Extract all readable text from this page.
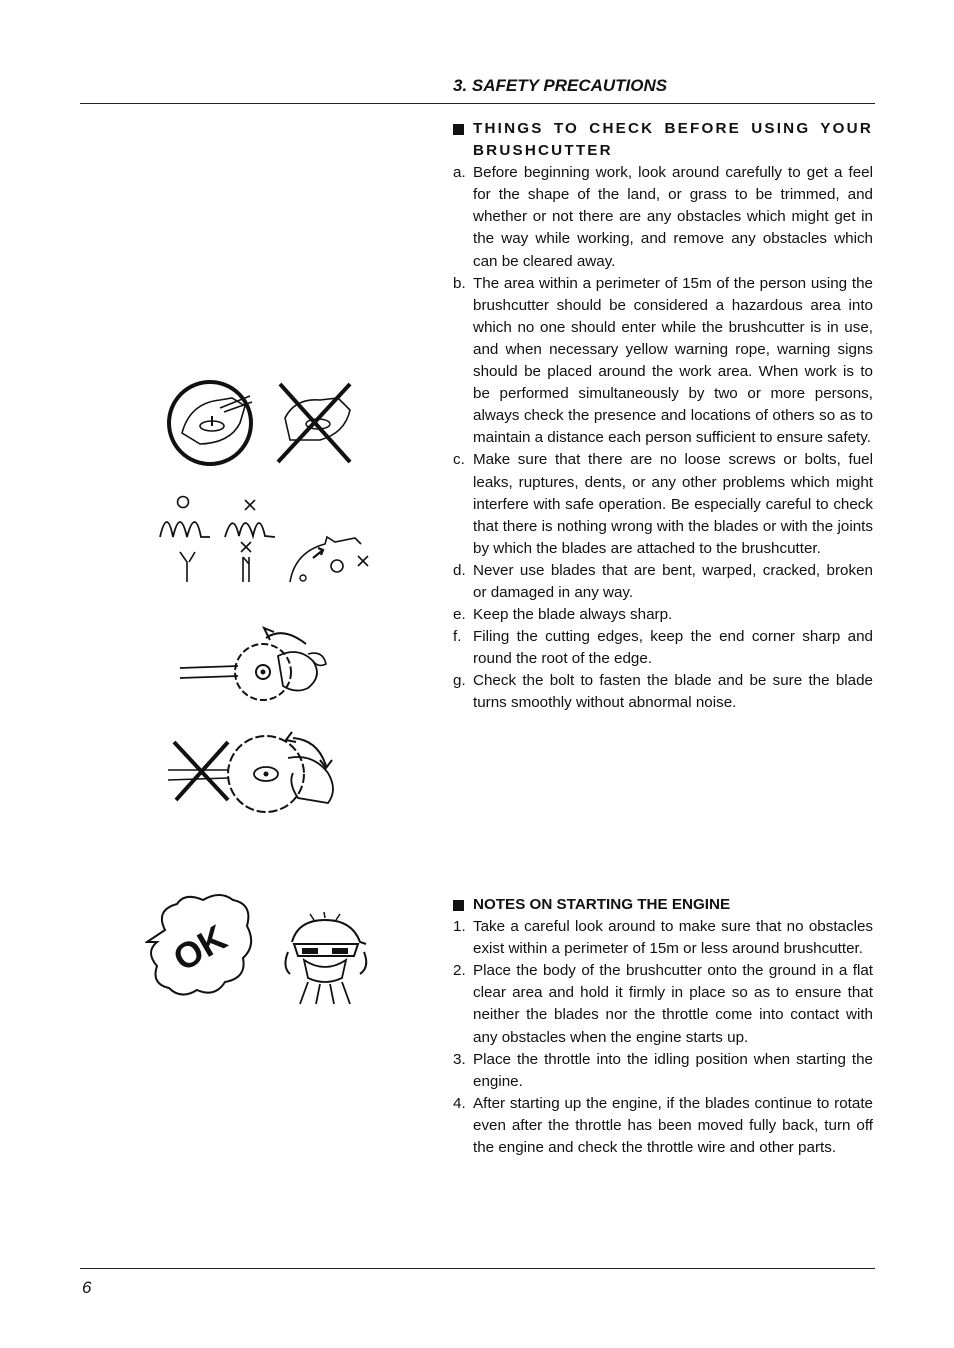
3. SAFETY PRECAUTIONS
OK
THINGS TO CHECK BEFORE USING YOUR BRUSHCUTTER
a. Before beginning work, look around carefully to get a feel for the shape of the land, or grass to be trimmed, and whether or not there are any obstacles which might get in the way while working, and remove any obstacles which can be cleared away.
b. The area within a perimeter of 15m of the person using the brushcutter should be considered a hazardous area into which no one should enter while the brushcutter is in use, and when necessary yellow warning rope, warning signs should be placed around the work area. When work is to be performed simultaneously by two or more persons, always check the presence and locations of others so as to maintain a distance each person sufficient to ensure safety.
c. Make sure that there are no loose screws or bolts, fuel leaks, ruptures, dents, or any other problems which might interfere with safe operation. Be especially careful to check that there is nothing wrong with the blades or with the joints by which the blades are attached to the brushcutter.
d. Never use blades that are bent, warped, cracked, broken or damaged in any way.
e. Keep the blade always sharp.
f. Filing the cutting edges, keep the end corner sharp and round the root of the edge.
g. Check the bolt to fasten the blade and be sure the blade turns smoothly without abnormal noise.
NOTES ON STARTING THE ENGINE
1. Take a careful look around to make sure that no obstacles exist within a perimeter of 15m or less around brushcutter.
2. Place the body of the brushcutter onto the ground in a flat clear area and hold it firmly in place so as to ensure that neither the blades nor the throttle come into contact with any obstacles when the engine starts up.
3. Place the throttle into the idling position when starting the engine.
4. After starting up the engine, if the blades continue to rotate even after the throttle has been moved fully back, turn off the engine and check the throttle wire and other parts.
6
